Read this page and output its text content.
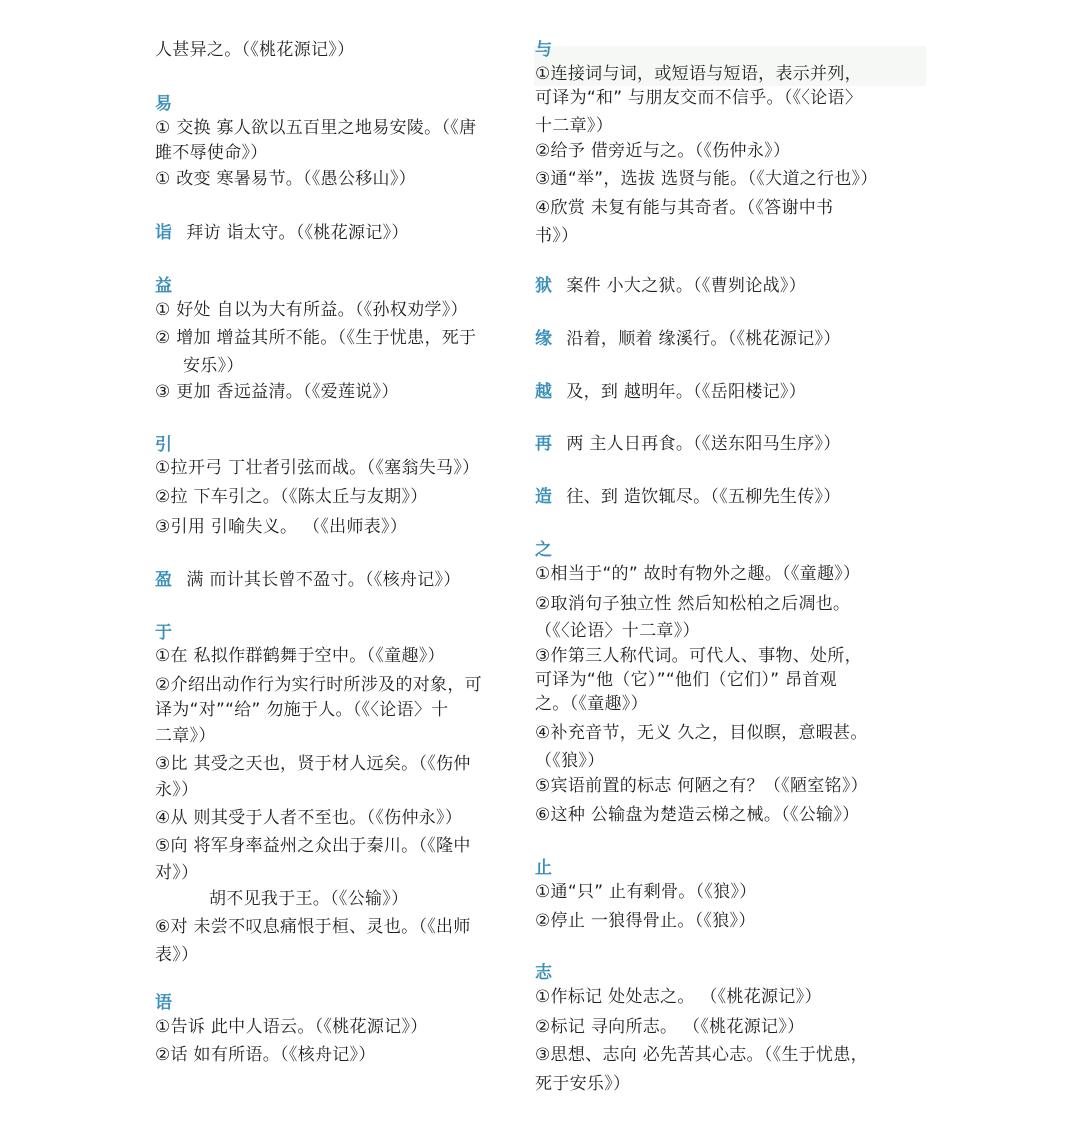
人甚异之。（《桃花源记》）
易
① 交换 寡人欲以五百里之地易安陵。（《唐
雎不辱使命》）
① 改变 寒暑易节。（《愚公移山》）
诣 拜访 诣太守。（《桃花源记》）
益
① 好处 自以为大有所益。（《孙权劝学》）
② 增加 增益其所不能。（《生于忧患，死于
安乐》）
③ 更加 香远益清。（《爱莲说》）
引
①拉开弓 丁壮者引弦而战。（《塞翁失马》）
②拉 下车引之。（《陈太丘与友期》）
③引用 引喻失义。 （《出师表》）
盈 满 而计其长曾不盈寸。（《核舟记》）
于
①在 私拟作群鹤舞于空中。（《童趣》）
②介绍出动作行为实行时所涉及的对象，可
译为“对”“给” 勿施于人。（《〈论语〉十
二章》）
③比 其受之天也，贤于材人远矣。（《伤仲
永》）
④从 则其受于人者不至也。（《伤仲永》）
⑤向 将军身率益州之众出于秦川。（《隆中
对》）
胡不见我于王。（《公输》）
⑥对 未尝不叹息痛恨于桓、灵也。（《出师
表》）
语
①告诉 此中人语云。（《桃花源记》）
②话 如有所语。（《核舟记》）
与
①连接词与词，或短语与短语，表示并列，
可译为“和” 与朋友交而不信乎。（《〈论语〉
十二章》）
②给予 借旁近与之。（《伤仲永》）
③通“举”，选拔 选贤与能。（《大道之行也》）
④欣赏 未复有能与其奇者。（《答谢中书
书》）
狱 案件 小大之狱。（《曹刿论战》）
缘 沿着，顺着 缘溪行。（《桃花源记》）
越 及，到 越明年。（《岳阳楼记》）
再 两 主人日再食。（《送东阳马生序》）
造 往、到 造饮辄尽。（《五柳先生传》）
之
①相当于“的” 故时有物外之趣。（《童趣》）
②取消句子独立性 然后知松柏之后凋也。
（《〈论语〉十二章》）
③作第三人称代词。可代人、事物、处所，
可译为“他（它）”“他们（它们）” 昂首观
之。（《童趣》）
④补充音节，无义 久之，目似瞑，意暇甚。
（《狼》）
⑤宾语前置的标志 何陋之有？（《陋室铭》）
⑥这种 公输盘为楚造云梯之械。（《公输》）
止
①通“只” 止有剩骨。（《狼》）
②停止 一狼得骨止。（《狼》）
志
①作标记 处处志之。 （《桃花源记》）
②标记 寻向所志。 （《桃花源记》）
③思想、志向 必先苦其心志。（《生于忧患，
死于安乐》）
